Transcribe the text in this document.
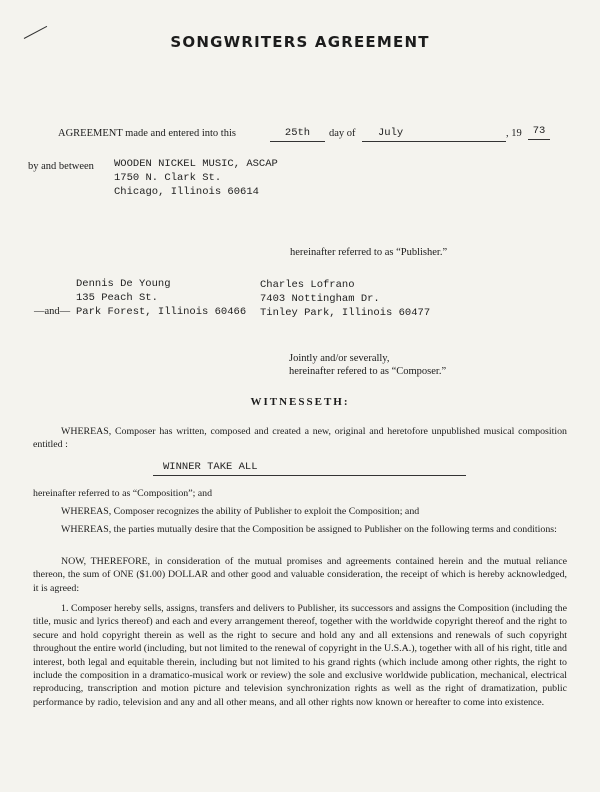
SONGWRITERS AGREEMENT
AGREEMENT made and entered into this	25th	day of July	, 19	73
by and between WOODEN NICKEL MUSIC, ASCAP
1750 N. Clark St.
Chicago, Illinois 60614
hereinafter referred to as “Publisher.”
Dennis De Young
135 Peach St.
—and— Park Forest, Illinois 60466
Charles Lofrano
7403 Nottingham Dr.
Tinley Park, Illinois 60477
Jointly and/or severally,
hereinafter refered to as “Composer.”
WITNESSETH:
WHEREAS, Composer has written, composed and created a new, original and heretofore unpublished musical composition entitled :
WINNER TAKE ALL
hereinafter referred to as “Composition”; and
WHEREAS, Composer recognizes the ability of Publisher to exploit the Composition; and
WHEREAS, the parties mutually desire that the Composition be assigned to Publisher on the following terms and conditions:
NOW, THEREFORE, in consideration of the mutual promises and agreements contained herein and the mutual reliance thereon, the sum of ONE ($1.00) DOLLAR and other good and valuable consideration, the receipt of which is hereby acknowledged, it is agreed:
1. Composer hereby sells, assigns, transfers and delivers to Publisher, its successors and assigns the Composition (including the title, music and lyrics thereof) and each and every arrangement thereof, together with the worldwide copyright thereof and the right to secure and hold copyright therein as well as the right to secure and hold any and all extensions and renewals of such copyright throughout the entire world (including, but not limited to the renewal of copyright in the U.S.A.), together with all of his right, title and interest, both legal and equitable therein, including but not limited to his grand rights (which include among other rights, the right to include the composition in a dramatico-musical work or review) the sole and exclusive worldwide publication, mechanical, electrical reproducing, transcription and motion picture and television synchronization rights as well as the right of dramatization, public performance by radio, television and any and all other means, and all other rights now known or hereafter to come into existence.
